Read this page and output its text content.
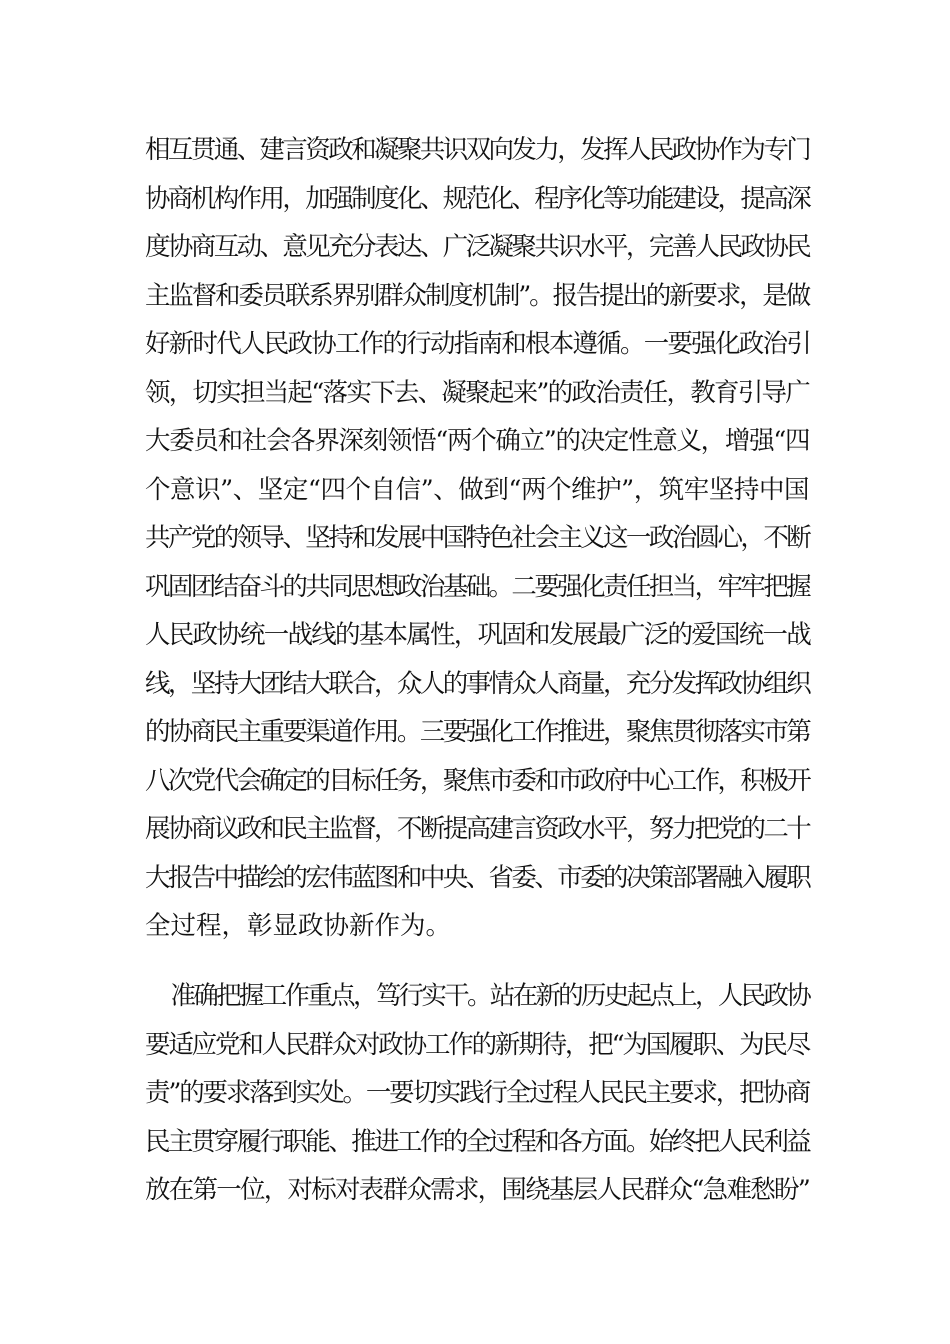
相互贯通、建言资政和凝聚共识双向发力，发挥人民政协作为专门
协商机构作用，加强制度化、规范化、程序化等功能建设，提高深
度协商互动、意见充分表达、广泛凝聚共识水平，完善人民政协民
主监督和委员联系界别群众制度机制”。报告提出的新要求，是做
好新时代人民政协工作的行动指南和根本遵循。一要强化政治引
领，切实担当起“落实下去、凝聚起来”的政治责任，教育引导广
大委员和社会各界深刻领悟“两个确立”的决定性意义，增强“四
个意识”、坚定“四个自信”、做到“两个维护”，筑牢坚持中国
共产党的领导、坚持和发展中国特色社会主义这一政治圆心，不断
巩固团结奋斗的共同思想政治基础。二要强化责任担当，牢牢把握
人民政协统一战线的基本属性，巩固和发展最广泛的爱国统一战
线，坚持大团结大联合，众人的事情众人商量，充分发挥政协组织
的协商民主重要渠道作用。三要强化工作推进，聚焦贯彻落实市第
八次党代会确定的目标任务，聚焦市委和市政府中心工作，积极开
展协商议政和民主监督，不断提高建言资政水平，努力把党的二十
大报告中描绘的宏伟蓝图和中央、省委、市委的决策部署融入履职
全过程，彰显政协新作为。
准确把握工作重点，笃行实干。站在新的历史起点上，人民政协
要适应党和人民群众对政协工作的新期待，把“为国履职、为民尽
责”的要求落到实处。一要切实践行全过程人民民主要求，把协商
民主贯穿履行职能、推进工作的全过程和各方面。始终把人民利益
放在第一位，对标对表群众需求，围绕基层人民群众“急难愁盼”
